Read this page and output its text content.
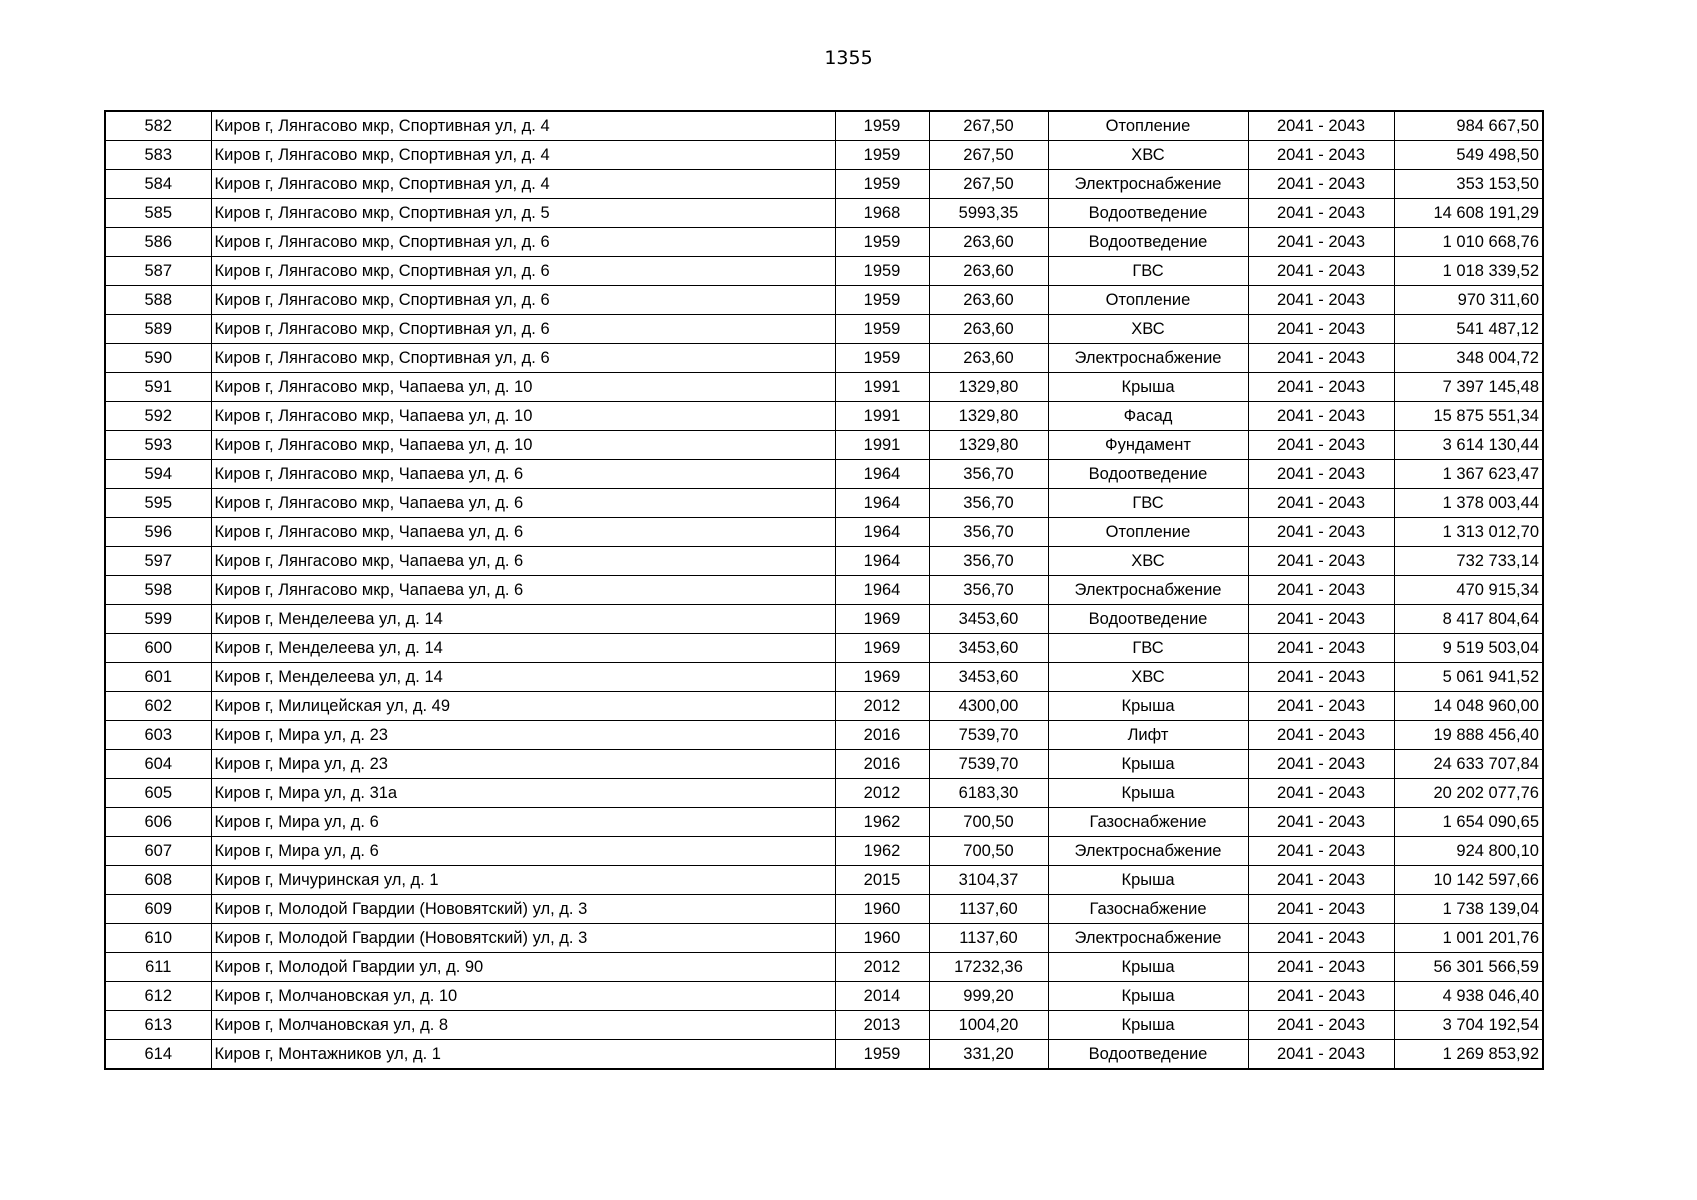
1355
582	Киров г, Лянгасово мкр, Спортивная ул, д. 4	1959	267,50	Отопление	2041 - 2043	984 667,50
583	Киров г, Лянгасово мкр, Спортивная ул, д. 4	1959	267,50	ХВС	2041 - 2043	549 498,50
584	Киров г, Лянгасово мкр, Спортивная ул, д. 4	1959	267,50	Электроснабжение	2041 - 2043	353 153,50
585	Киров г, Лянгасово мкр, Спортивная ул, д. 5	1968	5993,35	Водоотведение	2041 - 2043	14 608 191,29
586	Киров г, Лянгасово мкр, Спортивная ул, д. 6	1959	263,60	Водоотведение	2041 - 2043	1 010 668,76
587	Киров г, Лянгасово мкр, Спортивная ул, д. 6	1959	263,60	ГВС	2041 - 2043	1 018 339,52
588	Киров г, Лянгасово мкр, Спортивная ул, д. 6	1959	263,60	Отопление	2041 - 2043	970 311,60
589	Киров г, Лянгасово мкр, Спортивная ул, д. 6	1959	263,60	ХВС	2041 - 2043	541 487,12
590	Киров г, Лянгасово мкр, Спортивная ул, д. 6	1959	263,60	Электроснабжение	2041 - 2043	348 004,72
591	Киров г, Лянгасово мкр, Чапаева ул, д. 10	1991	1329,80	Крыша	2041 - 2043	7 397 145,48
592	Киров г, Лянгасово мкр, Чапаева ул, д. 10	1991	1329,80	Фасад	2041 - 2043	15 875 551,34
593	Киров г, Лянгасово мкр, Чапаева ул, д. 10	1991	1329,80	Фундамент	2041 - 2043	3 614 130,44
594	Киров г, Лянгасово мкр, Чапаева ул, д. 6	1964	356,70	Водоотведение	2041 - 2043	1 367 623,47
595	Киров г, Лянгасово мкр, Чапаева ул, д. 6	1964	356,70	ГВС	2041 - 2043	1 378 003,44
596	Киров г, Лянгасово мкр, Чапаева ул, д. 6	1964	356,70	Отопление	2041 - 2043	1 313 012,70
597	Киров г, Лянгасово мкр, Чапаева ул, д. 6	1964	356,70	ХВС	2041 - 2043	732 733,14
598	Киров г, Лянгасово мкр, Чапаева ул, д. 6	1964	356,70	Электроснабжение	2041 - 2043	470 915,34
599	Киров г, Менделеева ул, д. 14	1969	3453,60	Водоотведение	2041 - 2043	8 417 804,64
600	Киров г, Менделеева ул, д. 14	1969	3453,60	ГВС	2041 - 2043	9 519 503,04
601	Киров г, Менделеева ул, д. 14	1969	3453,60	ХВС	2041 - 2043	5 061 941,52
602	Киров г, Милицейская ул, д. 49	2012	4300,00	Крыша	2041 - 2043	14 048 960,00
603	Киров г, Мира ул, д. 23	2016	7539,70	Лифт	2041 - 2043	19 888 456,40
604	Киров г, Мира ул, д. 23	2016	7539,70	Крыша	2041 - 2043	24 633 707,84
605	Киров г, Мира ул, д. 31а	2012	6183,30	Крыша	2041 - 2043	20 202 077,76
606	Киров г, Мира ул, д. 6	1962	700,50	Газоснабжение	2041 - 2043	1 654 090,65
607	Киров г, Мира ул, д. 6	1962	700,50	Электроснабжение	2041 - 2043	924 800,10
608	Киров г, Мичуринская ул, д. 1	2015	3104,37	Крыша	2041 - 2043	10 142 597,66
609	Киров г, Молодой Гвардии (Нововятский) ул, д. 3	1960	1137,60	Газоснабжение	2041 - 2043	1 738 139,04
610	Киров г, Молодой Гвардии (Нововятский) ул, д. 3	1960	1137,60	Электроснабжение	2041 - 2043	1 001 201,76
611	Киров г, Молодой Гвардии ул, д. 90	2012	17232,36	Крыша	2041 - 2043	56 301 566,59
612	Киров г, Молчановская ул, д. 10	2014	999,20	Крыша	2041 - 2043	4 938 046,40
613	Киров г, Молчановская ул, д. 8	2013	1004,20	Крыша	2041 - 2043	3 704 192,54
614	Киров г, Монтажников ул, д. 1	1959	331,20	Водоотведение	2041 - 2043	1 269 853,92
